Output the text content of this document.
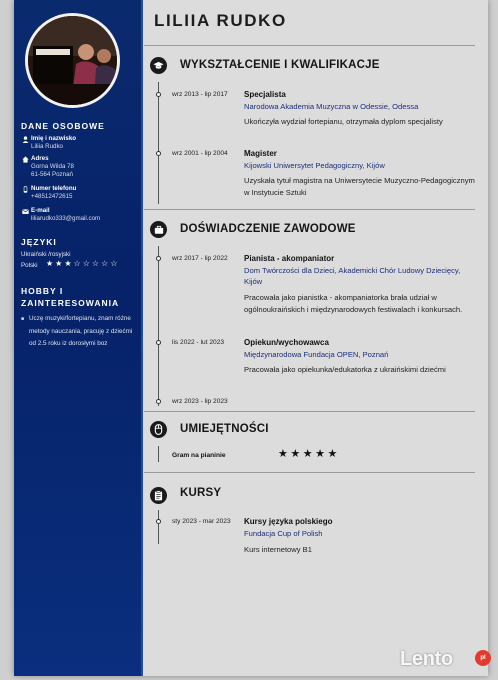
DANE OSOBOWE
Imię i nazwisko
Liliia Rudko
Adres
Gorna Wilda 78
61-564 Poznań
Numer telefonu
+48512472615
E-mail
liliarudko333@gmail.com
JĘZYKI
Ukraiński /rosyjski
Polski ★★★☆☆☆☆☆
HOBBY I ZAINTERESOWANIA
■ Uczę muzyki/fortepianu, znam różne metody nauczania, pracuję z dziećmi od 2.5 roku iz dorosłymi boz
LILIIA RUDKO
WYKSZTAŁCENIE I KWALIFIKACJE
wrz 2013 - lip 2017 Specjalista
Narodowa Akademia Muzyczna w Odessie, Odessa
Ukończyła wydział fortepianu, otrzymała dyplom specjalisty
wrz 2001 - lip 2004 Magister
Kijowski Uniwersytet Pedagogiczny, Kijów
Uzyskała tytuł magistra na Uniwersytecie Muzyczno-Pedagogicznym w Instytucie Sztuki
DOŚWIADCZENIE ZAWODOWE
wrz 2017 - lip 2022 Pianista - akompaniator
Dom Twórczości dla Dzieci, Akademicki Chór Ludowy Dziecięcy, Kijów
Pracowała jako pianistka - akompaniatorka brała udział w ogólnoukraińskich i międzynarodowych festiwalach i konkursach.
lis 2022 - lut 2023 Opiekun/wychowawca
Międzynarodowa Fundacja OPEN, Poznań
Pracowała jako opiekunka/edukatorka z ukraińskimi dziećmi
wrz 2023 - lip 2023
UMIEJĘTNOŚCI
Gram na pianinie	★★★★★
KURSY
sty 2023 - mar 2023 Kursy języka polskiego
Fundacja Cup of Polish
Kurs internetowy B1
Lento	pl
